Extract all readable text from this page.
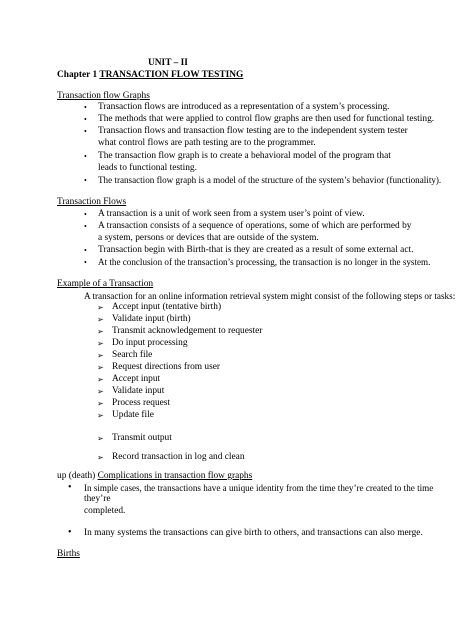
UNIT – II
Chapter 1 TRANSACTION FLOW TESTING
Transaction flow Graphs
• Transaction flows are introduced as a representation of a system’s processing.
• The methods that were applied to control flow graphs are then used for functional testing.
• Transaction flows and transaction flow testing are to the independent system tester
what control flows are path testing are to the programmer.
• The transaction flow graph is to create a behavioral model of the program that
leads to functional testing.
• The transaction flow graph is a model of the structure of the system’s behavior (functionality).
Transaction Flows
• A transaction is a unit of work seen from a system user’s point of view.
• A transaction consists of a sequence of operations, some of which are performed by
a system, persons or devices that are outside of the system.
• Transaction begin with Birth-that is they are created as a result of some external act.
• At the conclusion of the transaction’s processing, the transaction is no longer in the system.
Example of a Transaction
A transaction for an online information retrieval system might consist of the following steps or tasks:
➢ Accept input (tentative birth)
➢ Validate input (birth)
➢ Transmit acknowledgement to requester
➢ Do input processing
➢ Search file
➢ Request directions from user
➢ Accept input
➢ Validate input
➢ Process request
➢ Update file
➢ Transmit output
➢ Record transaction in log and clean
up (death) Complications in transaction flow graphs
• In simple cases, the transactions have a unique identity from the time they’re created to the time
they’re
completed.
• In many systems the transactions can give birth to others, and transactions can also merge.
Births
